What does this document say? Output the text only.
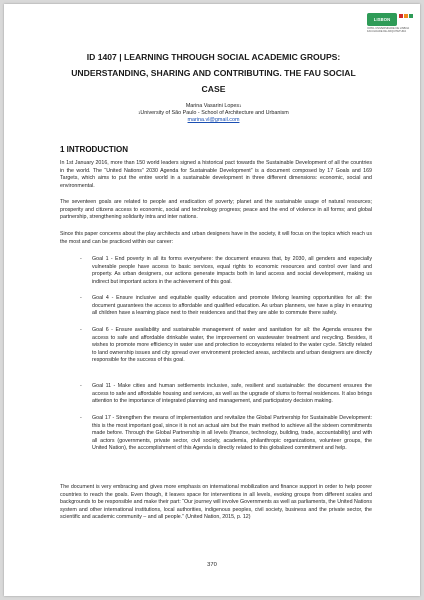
LISBON
ICPDL UNIVERSIDADE DE LISBOA FACULDADE DE ARQUITETURA
ID 1407 | LEARNING THROUGH SOCIAL ACADEMIC GROUPS:
UNDERSTANDING, SHARING AND CONTRIBUTING. THE FAU SOCIAL
CASE

Marina Vasarini Lopes$^1$

$^1$University of São Paulo - School of Architecture and Urbanism

marina.vl@gmail.com

1 INTRODUCTION

In 1st January 2016, more than 150 world leaders signed a historical pact towards the Sustainable Development of all the countries in the world. The “United Nations” 2030 Agenda for Sustainable Development” is a document composed by 17 Goals and 169 Targets, which aims to put the entire world in a sustainable development in three different dimensions: economic, social and environmental.

The seventeen goals are related to people and eradication of poverty; planet and the sustainable usage of natural resources; prosperity and citizens access to economic, social and technology progress; peace and the end of violence in all forms; and global partnership, strengthening solidarity intra and inter nations.

Since this paper concerns about the play architects and urban designers have in the society, it will focus on the topics which reach us the most and can be practiced within our career:

- Goal 1 - End poverty in all its forms everywhere: the document ensures that, by 2030, all genders and especially vulnerable people have access to basic services, equal rights to economic resources and control over land and property. As urban designers, our actions generate impacts both in land access and social development, making us indirect but important actors in the achievement of this goal.

- Goal 4 - Ensure inclusive and equitable quality education and promote lifelong learning opportunities for all: the document guarantees the access to affordable and qualified education. As urban planners, we have a play in ensuring all children have a learning place next to their residences and that they are able to commute there safely.

- Goal 6 - Ensure availability and sustainable management of water and sanitation for all: the Agenda ensures the access to safe and affordable drinkable water, the improvement on wastewater treatment and recycling. Besides, it wishes to promote more efficiency in water use and protection to ecosystems related to the water cycle. Strictly related to land ownership issues and city spread over environment protected areas, architects and urban designers are directly responsible for the success of this goal.

- Goal 11 - Make cities and human settlements inclusive, safe, resilient and sustainable: the document ensures the access to safe and affordable housing and services, as well as the upgrade of slums to formal residences. It also brings attention to the importance of integrated planning and management, and participatory decision making.

- Goal 17 - Strengthen the means of implementation and revitalize the Global Partnership for Sustainable Development: this is the most important goal, since it is not an actual aim but the main method to achieve all the sixteen commitments made before. Through the Global Partnership in all levels (finance, technology, building, trade, accountability) and with all actors (governments, private sector, civil society, academia, philanthropic organizations, volunteer groups, the United Nation), the accomplishment of this Agenda is directly related to this globalized commitment and help.

The document is very embracing and gives more emphasis on international mobilization and finance support in order to help poorer countries to reach the goals. Even though, it leaves space for interventions in all levels, evoking groups from different scales and backgrounds to be responsible and make their part: “Our journey will involve Governments as well as parliaments, the United Nations system and other international institutions, local authorities, indigenous peoples, civil society, business and the private sector, the scientific and academic community – and all people.” (United Nation, 2015, p. 12)

370
